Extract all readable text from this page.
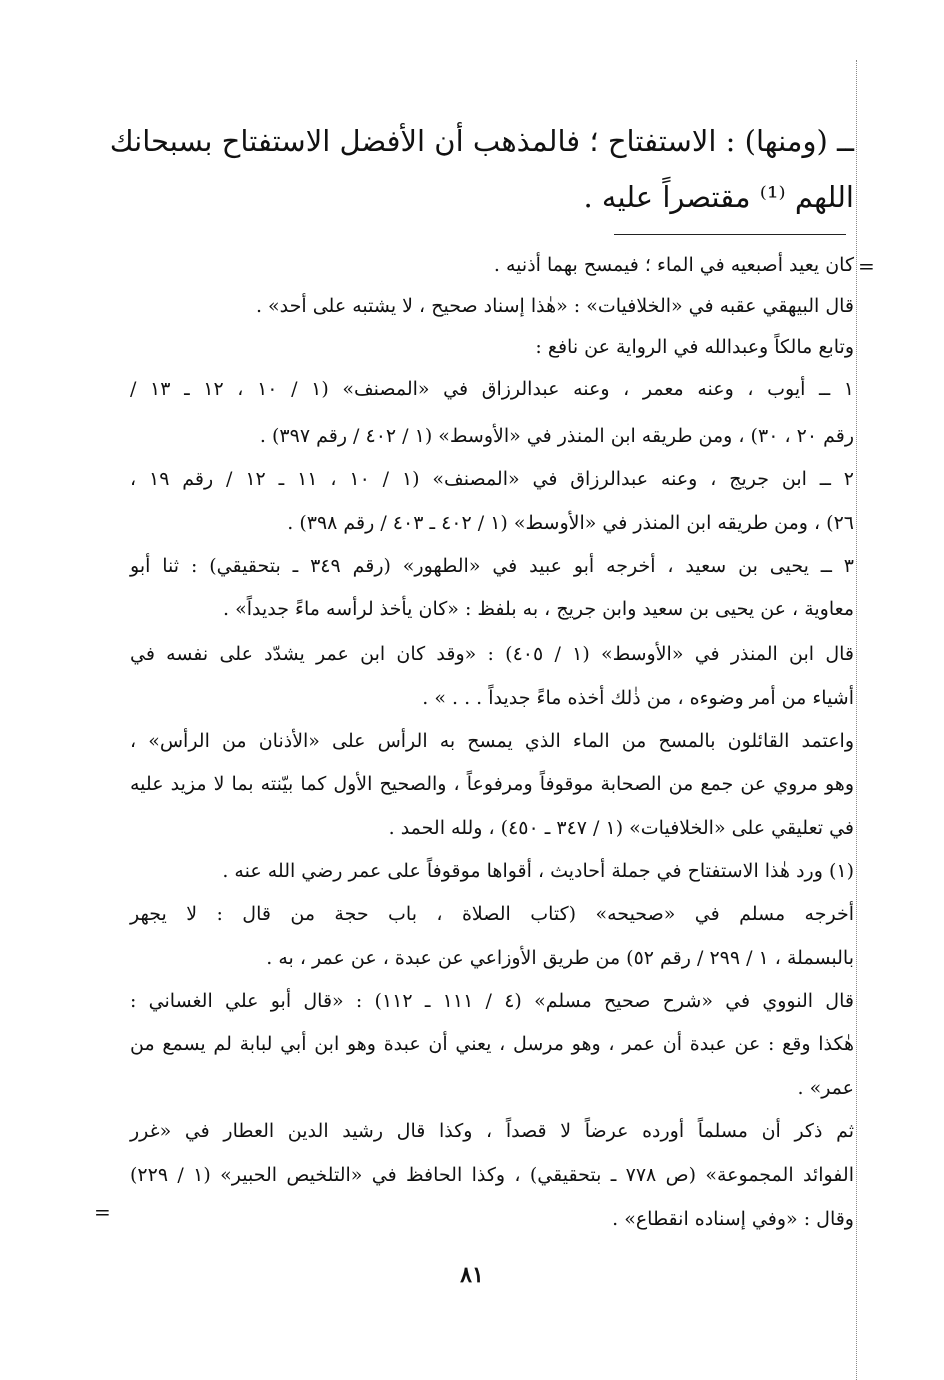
ــ (ومنها) : الاستفتاح ؛ فالمذهب أن الأفضل الاستفتاح بسبحانك
اللهم ⁽¹⁾ مقتصراً عليه .
=
كان يعيد أصبعيه في الماء ؛ فيمسح بهما أذنيه .
قال البيهقي عقبه في «الخلافيات» : «هٰذا إسناد صحيح ، لا يشتبه على أحد» .
وتابع مالكاً وعبدالله في الرواية عن نافع :
١ ــ أيوب ، وعنه معمر ، وعنه عبدالرزاق في «المصنف» (١ / ١٠ ، ١٢ ـ ١٣ /
رقم ٢٠ ، ٣٠) ، ومن طريقه ابن المنذر في «الأوسط» (١ / ٤٠٢ / رقم ٣٩٧) .
٢ ــ ابن جريج ، وعنه عبدالرزاق في «المصنف» (١ / ١٠ ، ١١ ـ ١٢ / رقم ١٩ ،
٢٦) ، ومن طريقه ابن المنذر في «الأوسط» (١ / ٤٠٢ ـ ٤٠٣ / رقم ٣٩٨) .
٣ ــ يحيى بن سعيد ، أخرجه أبو عبيد في «الطهور» (رقم ٣٤٩ ـ بتحقيقي) : ثنا أبو
معاوية ، عن يحيى بن سعيد وابن جريج ، به بلفظ : «كان يأخذ لرأسه ماءً جديداً» .
قال ابن المنذر في «الأوسط» (١ / ٤٠٥) : «وقد كان ابن عمر يشدّد على نفسه في
أشياء من أمر وضوءه ، من ذٰلك أخذه ماءً جديداً . . . » .
واعتمد القائلون بالمسح من الماء الذي يمسح به الرأس على «الأذنان من الرأس» ،
وهو مروي عن جمع من الصحابة موقوفاً ومرفوعاً ، والصحيح الأول كما بيّنته بما لا مزيد عليه
في تعليقي على «الخلافيات» (١ / ٣٤٧ ـ ٤٥٠) ، ولله الحمد .
(١) ورد هٰذا الاستفتاح في جملة أحاديث ، أقواها موقوفاً على عمر رضي الله عنه .
أخرجه مسلم في «صحيحه» (كتاب الصلاة ، باب حجة من قال : لا يجهر
بالبسملة ، ١ / ٢٩٩ / رقم ٥٢) من طريق الأوزاعي عن عبدة ، عن عمر ، به .
قال النووي في «شرح صحيح مسلم» (٤ / ١١١ ـ ١١٢) : «قال أبو علي الغساني :
هٰكذا وقع : عن عبدة أن عمر ، وهو مرسل ، يعني أن عبدة وهو ابن أبي لبابة لم يسمع من
عمر» .
ثم ذكر أن مسلماً أورده عرضاً لا قصداً ، وكذا قال رشيد الدين العطار في «غرر
الفوائد المجموعة» (ص ٧٧٨ ـ بتحقيقي) ، وكذا الحافظ في «التلخيص الحبير» (١ / ٢٢٩)
وقال : «وفي إسناده انقطاع» .
=
٨١
